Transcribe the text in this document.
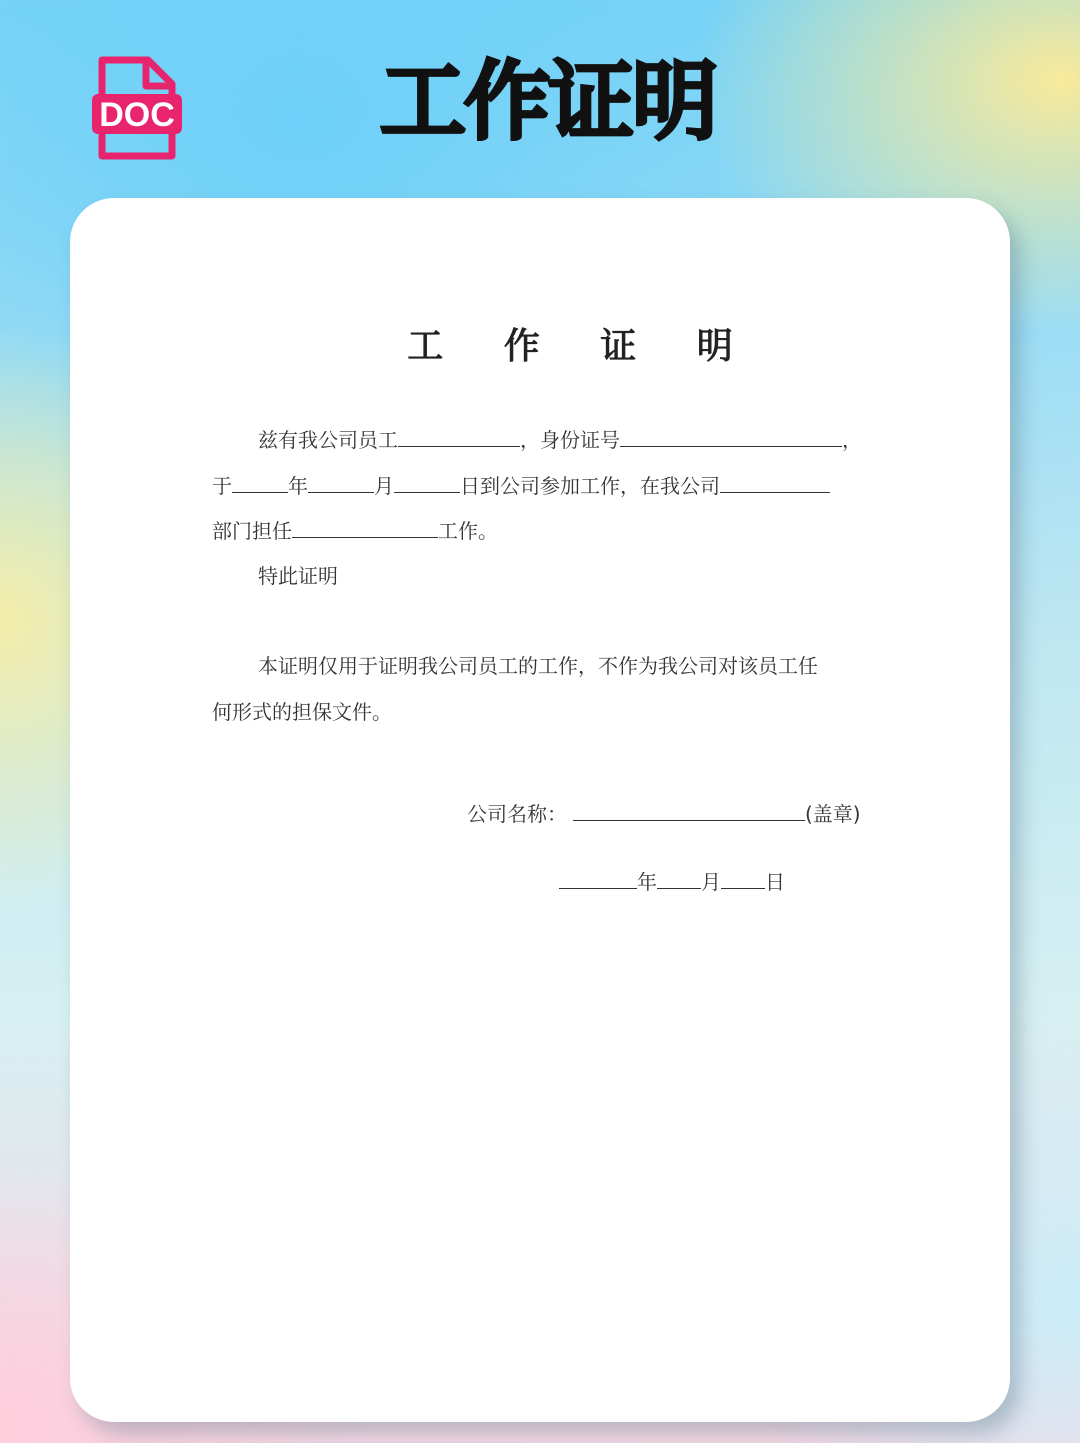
DOC 工作证明
工 作 证 明
兹有我公司员工	，身份证号	，
于	年	月	日到公司参加工作，在我公司
部门担任	工作。
特此证明
本证明仅用于证明我公司员工的工作，不作为我公司对该员工任
何形式的担保文件。
公司名称：	(盖章)
年 月 日
